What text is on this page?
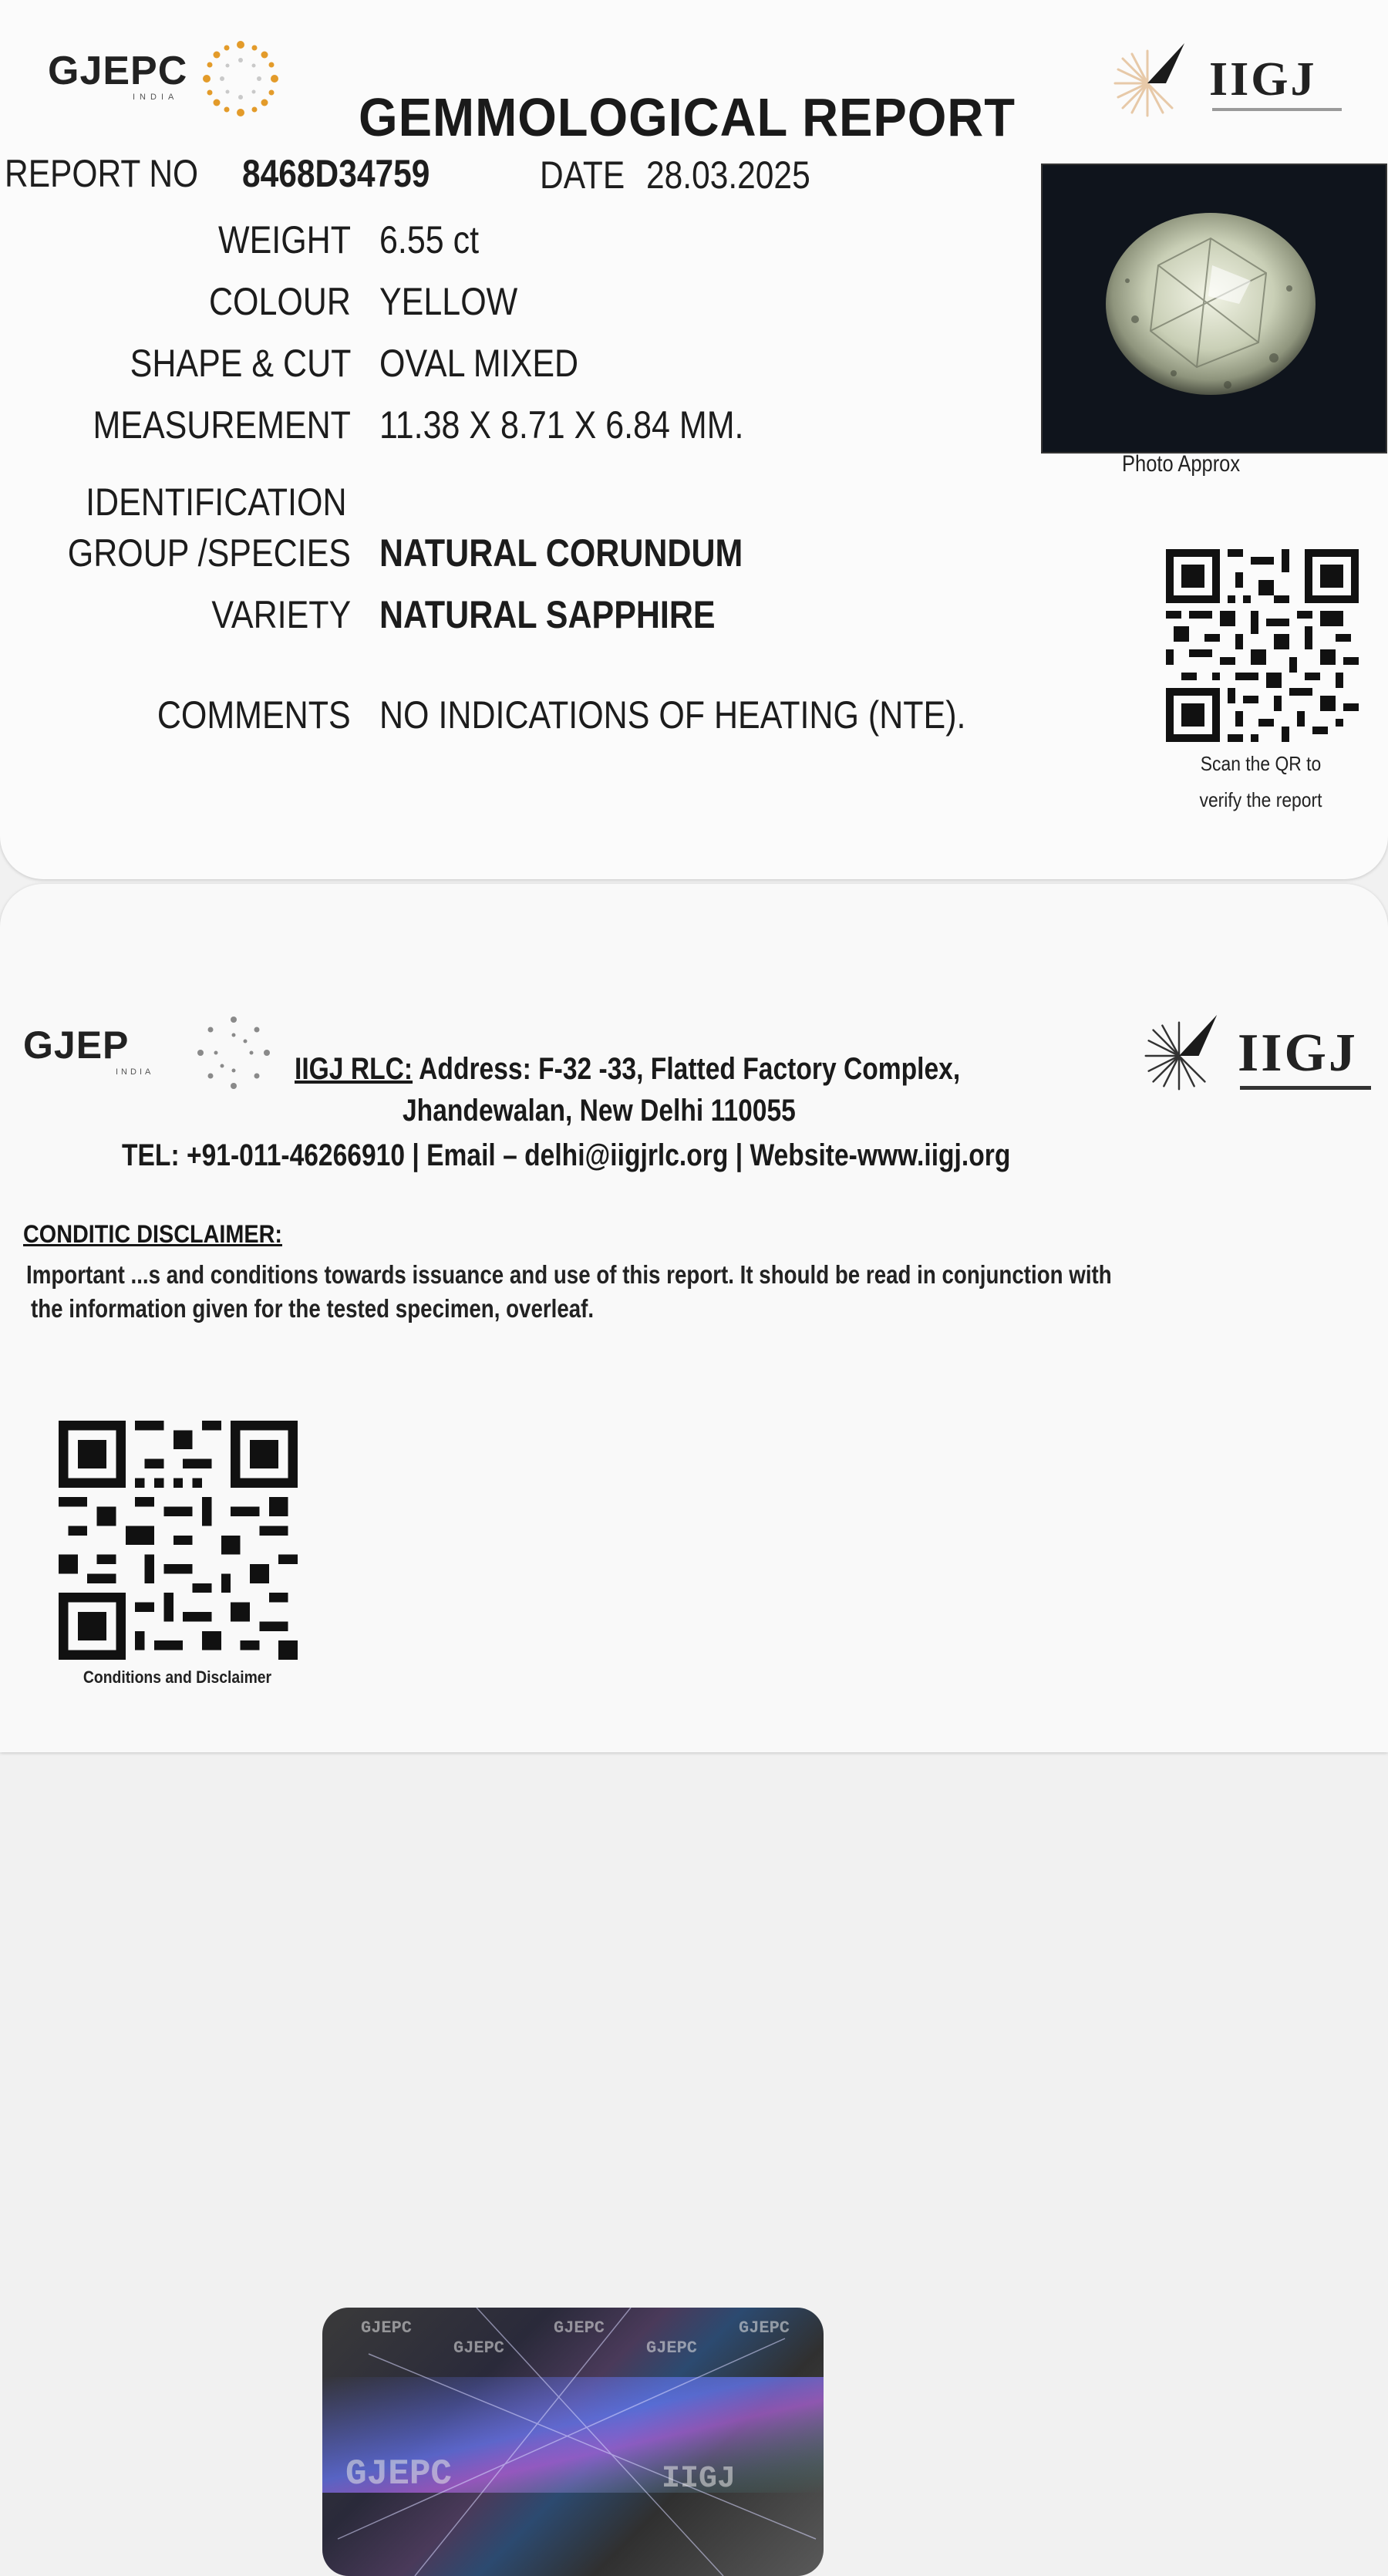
GJEPC
INDIA	IIGJ
GEMMOLOGICAL REPORT
REPORT NO 8468D34759	DATE 28.03.2025
WEIGHT 6.55 ct
COLOUR YELLOW
SHAPE & CUT OVAL MIXED
MEASUREMENT 11.38 X 8.71 X 6.84 MM.
IDENTIFICATION
GROUP /SPECIES NATURAL CORUNDUM
VARIETY NATURAL SAPPHIRE
COMMENTS NO INDICATIONS OF HEATING (NTE).
Photo Approx
Scan the QR to
verify the report
GJEP
INDIA	IIGJ
IIGJ RLC: Address: F-32 -33, Flatted Factory Complex,
Jhandewalan, New Delhi 110055
TEL: +91-011-46266910 | Email – delhi@iigjrlc.org | Website-www.iigj.org
CONDITIC DISCLAIMER:
Important ...s and conditions towards issuance and use of this report. It should be read in conjunction with
the information given for the tested specimen, overleaf.
Conditions and Disclaimer
GJEPC
GJEPC
GJEPC
GJEPC
GJEPC
GJEPC	IIGJ
